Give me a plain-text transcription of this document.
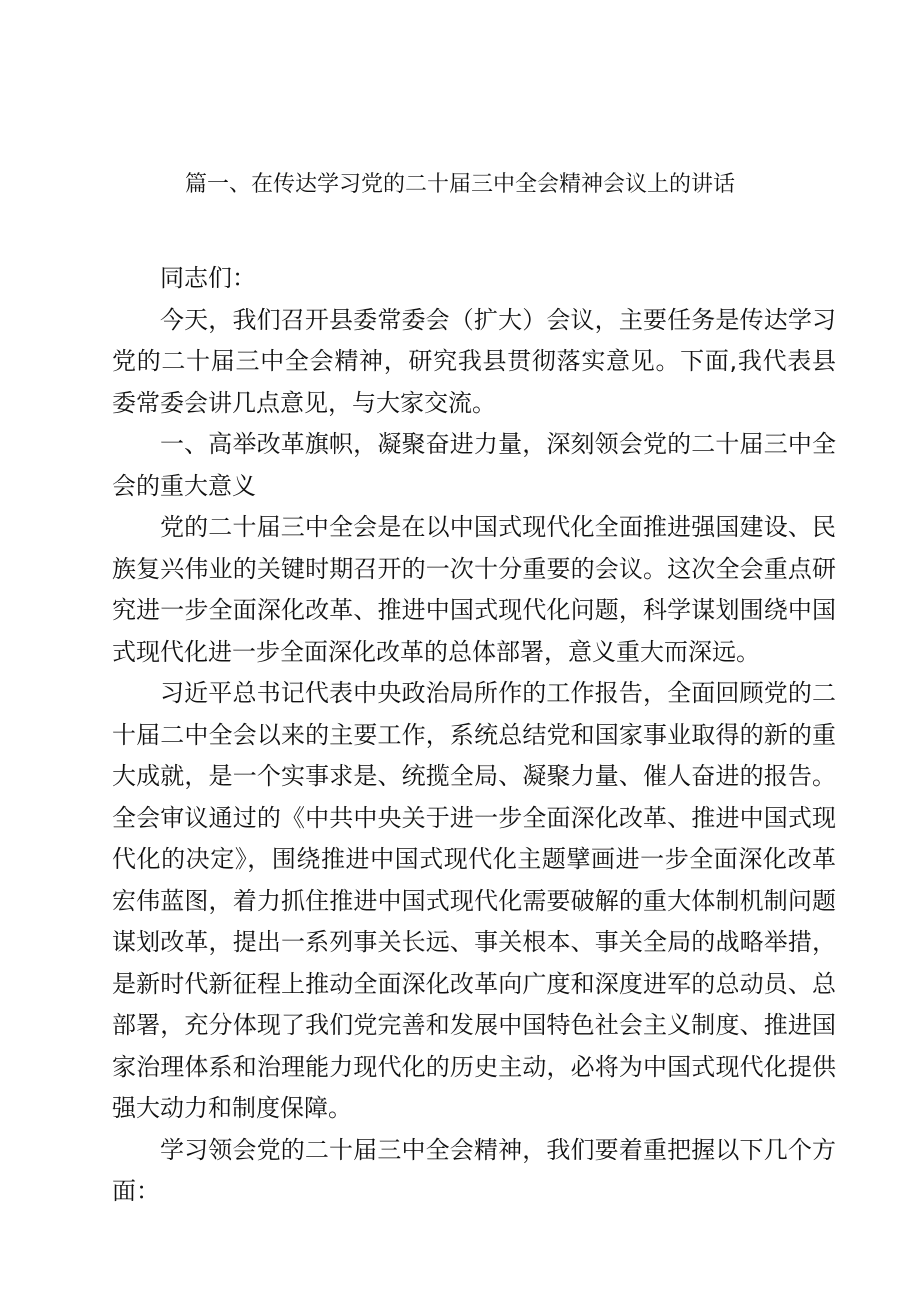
篇一、在传达学习党的二十届三中全会精神会议上的讲话

同志们：

今天，我们召开县委常委会（扩大）会议，主要任务是传达学习党的二十届三中全会精神，研究我县贯彻落实意见。下面,我代表县委常委会讲几点意见，与大家交流。

一、高举改革旗帜，凝聚奋进力量，深刻领会党的二十届三中全会的重大意义

党的二十届三中全会是在以中国式现代化全面推进强国建设、民族复兴伟业的关键时期召开的一次十分重要的会议。这次全会重点研究进一步全面深化改革、推进中国式现代化问题，科学谋划围绕中国式现代化进一步全面深化改革的总体部署，意义重大而深远。

习近平总书记代表中央政治局所作的工作报告，全面回顾党的二十届二中全会以来的主要工作，系统总结党和国家事业取得的新的重大成就，是一个实事求是、统揽全局、凝聚力量、催人奋进的报告。全会审议通过的《中共中央关于进一步全面深化改革、推进中国式现代化的决定》，围绕推进中国式现代化主题擘画进一步全面深化改革宏伟蓝图，着力抓住推进中国式现代化需要破解的重大体制机制问题谋划改革，提出一系列事关长远、事关根本、事关全局的战略举措，是新时代新征程上推动全面深化改革向广度和深度进军的总动员、总部署，充分体现了我们党完善和发展中国特色社会主义制度、推进国家治理体系和治理能力现代化的历史主动，必将为中国式现代化提供强大动力和制度保障。

学习领会党的二十届三中全会精神，我们要着重把握以下几个方面：
